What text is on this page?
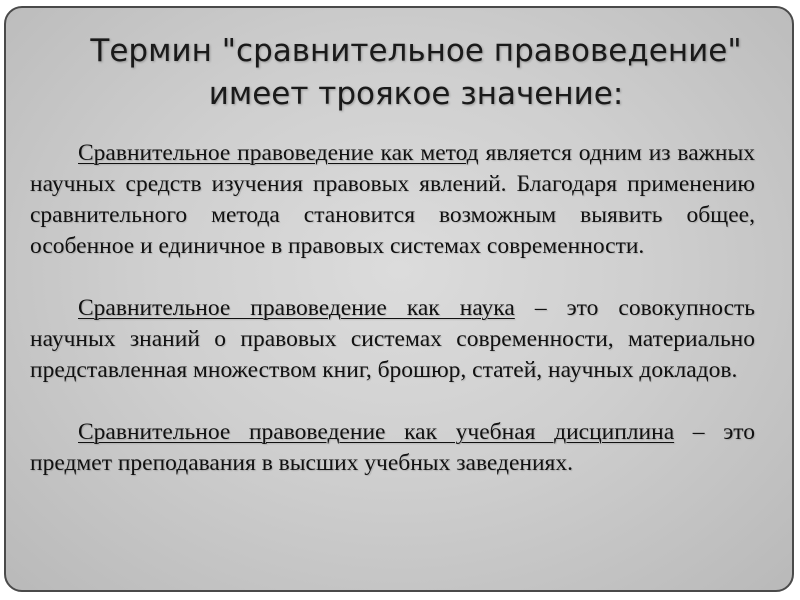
Термин "сравнительное правоведение"
имеет троякое значение:

Сравнительное правоведение как метод является одним из важных научных средств изучения правовых явлений. Благодаря применению сравнительного метода становится возможным выявить общее, особенное и единичное в правовых системах современности.

Сравнительное правоведение как наука – это совокупность научных знаний о правовых системах современности, материально представленная множеством книг, брошюр, статей, научных докладов.

Сравнительное правоведение как учебная дисциплина – это предмет преподавания в высших учебных заведениях.
